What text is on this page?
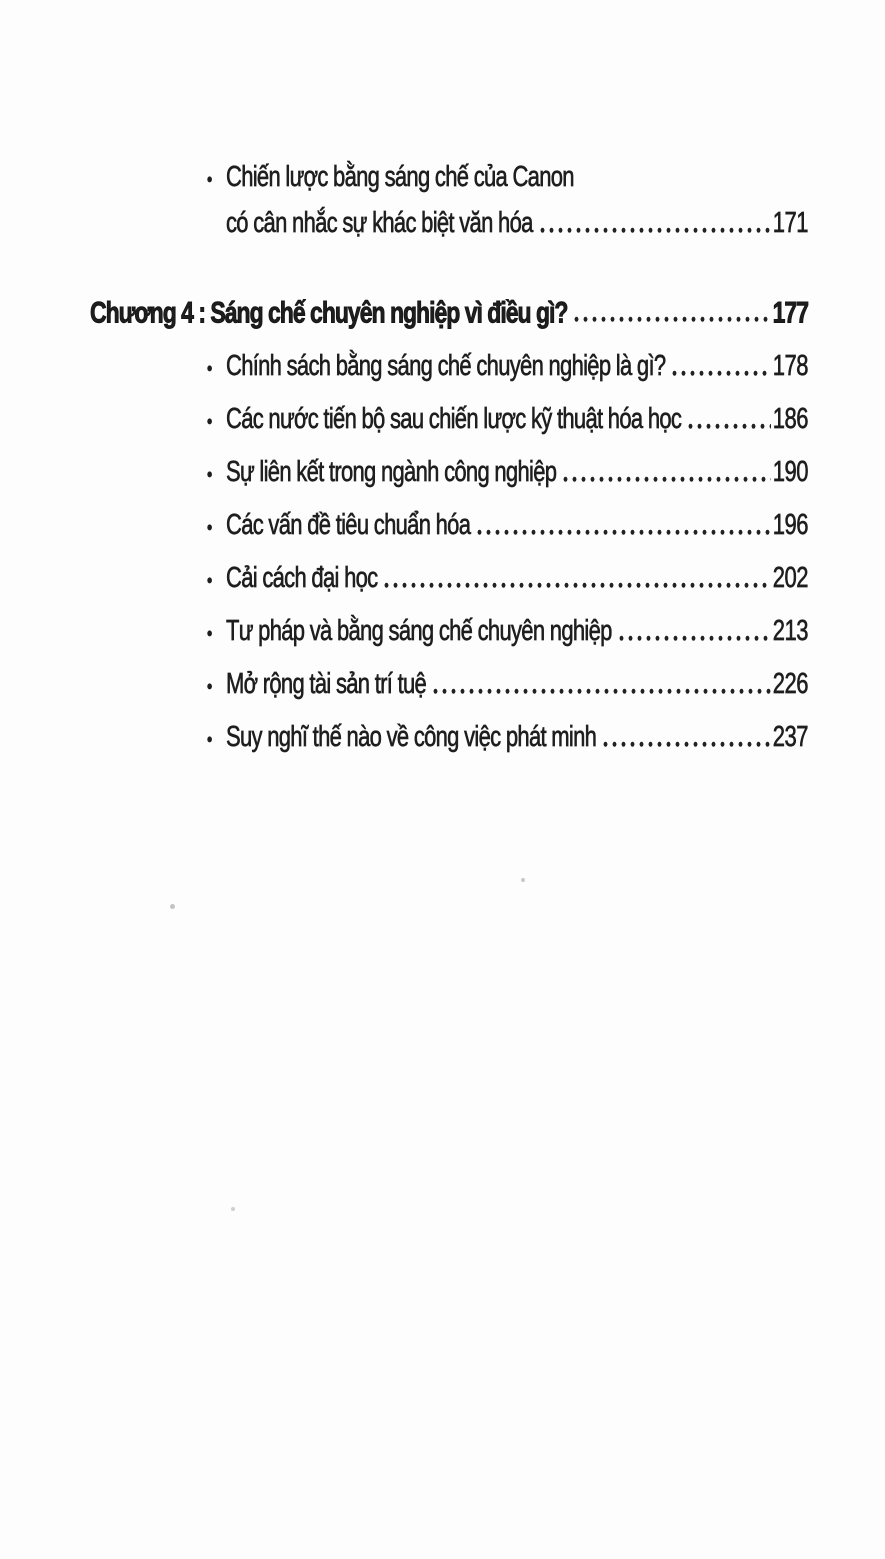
• Chiến lược bằng sáng chế của Canon
có cân nhắc sự khác biệt văn hóa	171
Chương 4 : Sáng chế chuyên nghiệp vì điều gì?	177
• Chính sách bằng sáng chế chuyên nghiệp là gì?	178
• Các nước tiến bộ sau chiến lược kỹ thuật hóa học	186
• Sự liên kết trong ngành công nghiệp	190
• Các vấn đề tiêu chuẩn hóa	196
• Cải cách đại học	202
• Tư pháp và bằng sáng chế chuyên nghiệp	213
• Mở rộng tài sản trí tuệ	226
• Suy nghĩ thế nào về công việc phát minh	237
